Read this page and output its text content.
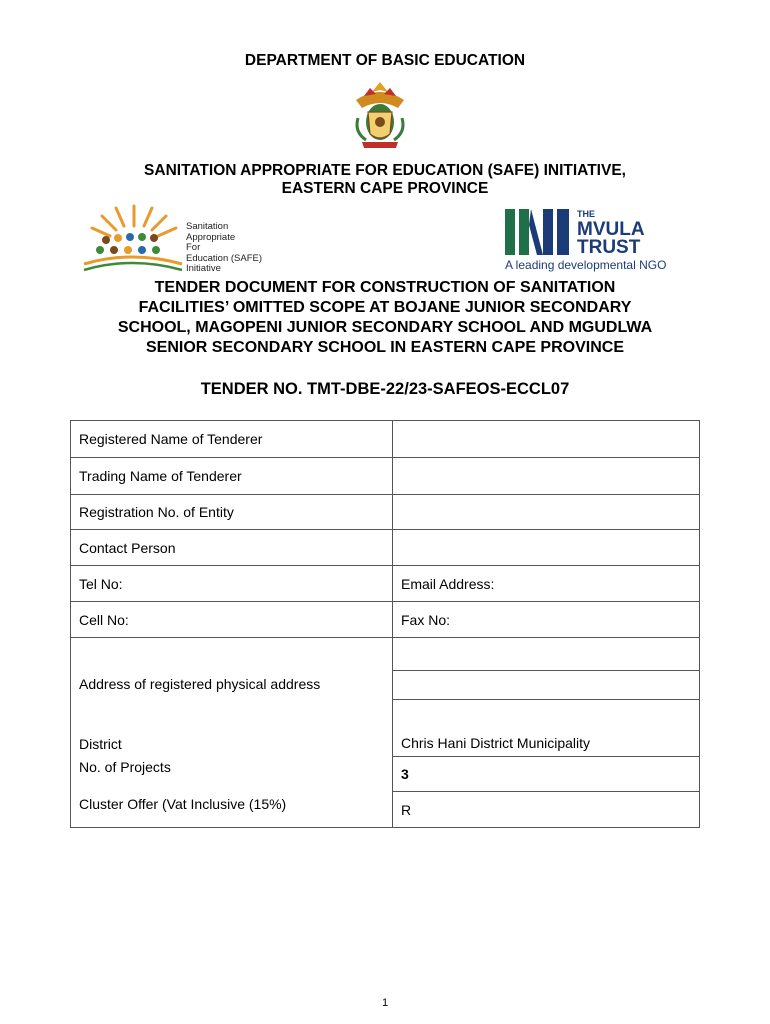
DEPARTMENT OF BASIC EDUCATION
SANITATION APPROPRIATE FOR EDUCATION (SAFE) INITIATIVE,
EASTERN CAPE PROVINCE
Sanitation
Appropriate
For
Education (SAFE)
Initiative
THE
MVULA
TRUST
A leading developmental NGO
TENDER DOCUMENT FOR CONSTRUCTION OF SANITATION
FACILITIES’ OMITTED SCOPE AT BOJANE JUNIOR SECONDARY
SCHOOL, MAGOPENI JUNIOR SECONDARY SCHOOL AND MGUDLWA
SENIOR SECONDARY SCHOOL IN EASTERN CAPE PROVINCE
TENDER NO. TMT-DBE-22/23-SAFEOS-ECCL07
Registered Name of Tenderer	
Trading Name of Tenderer	
Registration No. of Entity	
Contact Person	
Tel No:	Email Address:
Cell No:	Fax No:
Address of registered physical address	

District	Chris Hani District Municipality
No. of Projects	3
Cluster Offer (Vat Inclusive (15%)	R
1
